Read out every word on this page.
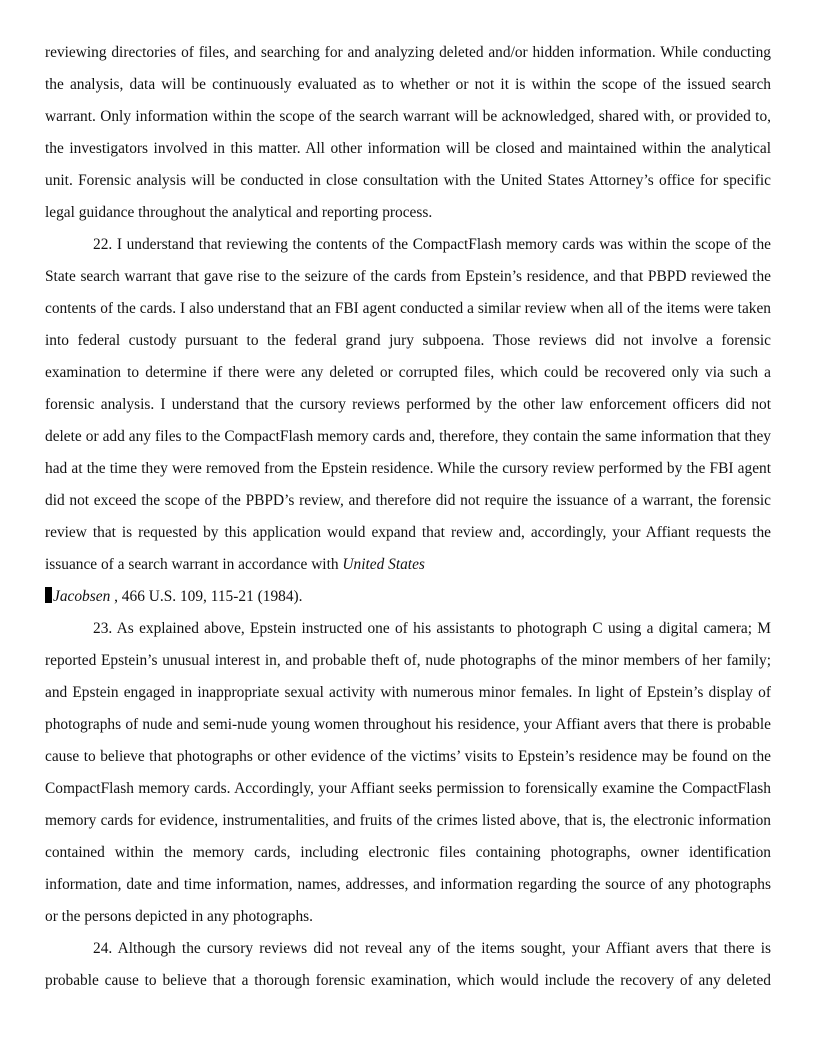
reviewing directories of files, and searching for and analyzing deleted and/or hidden information. While conducting the analysis, data will be continuously evaluated as to whether or not it is within the scope of the issued search warrant. Only information within the scope of the search warrant will be acknowledged, shared with, or provided to, the investigators involved in this matter. All other information will be closed and maintained within the analytical unit. Forensic analysis will be conducted in close consultation with the United States Attorney’s office for specific legal guidance throughout the analytical and reporting process.

22. I understand that reviewing the contents of the CompactFlash memory cards was within the scope of the State search warrant that gave rise to the seizure of the cards from Epstein’s residence, and that PBPD reviewed the contents of the cards. I also understand that an FBI agent conducted a similar review when all of the items were taken into federal custody pursuant to the federal grand jury subpoena. Those reviews did not involve a forensic examination to determine if there were any deleted or corrupted files, which could be recovered only via such a forensic analysis. I understand that the cursory reviews performed by the other law enforcement officers did not delete or add any files to the CompactFlash memory cards and, therefore, they contain the same information that they had at the time they were removed from the Epstein residence. While the cursory review performed by the FBI agent did not exceed the scope of the PBPD’s review, and therefore did not require the issuance of a warrant, the forensic review that is requested by this application would expand that review and, accordingly, your Affiant requests the issuance of a search warrant in accordance with United States
Jacobsen , 466 U.S. 109, 115-21 (1984).

23. As explained above, Epstein instructed one of his assistants to photograph C using a digital camera; M reported Epstein’s unusual interest in, and probable theft of, nude photographs of the minor members of her family; and Epstein engaged in inappropriate sexual activity with numerous minor females. In light of Epstein’s display of photographs of nude and semi-nude young women throughout his residence, your Affiant avers that there is probable cause to believe that photographs or other evidence of the victims’ visits to Epstein’s residence may be found on the CompactFlash memory cards. Accordingly, your Affiant seeks permission to forensically examine the CompactFlash memory cards for evidence, instrumentalities, and fruits of the crimes listed above, that is, the electronic information contained within the memory cards, including electronic files containing photographs, owner identification information, date and time information, names, addresses, and information regarding the source of any photographs or the persons depicted in any photographs.

24. Although the cursory reviews did not reveal any of the items sought, your Affiant avers that there is probable cause to believe that a thorough forensic examination, which would include the recovery of any deleted
